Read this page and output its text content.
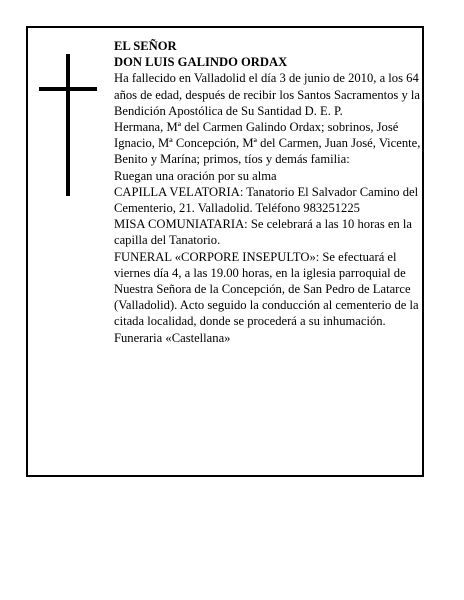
EL SEÑOR

DON LUIS GALINDO ORDAX

Ha fallecido en Valladolid el día 3 de junio de 2010, a los 64 años de edad, después de recibir los Santos Sacramentos y la Bendición Apostólica de Su Santidad D. E. P.

Hermana, Mª del Carmen Galindo Ordax; sobrinos, José Ignacio, Mª Concepción, Mª del Carmen, Juan José, Vicente, Benito y Marína; primos, tíos y demás familia:

Ruegan una oración por su alma

CAPILLA VELATORIA: Tanatorio El Salvador Camino del Cementerio, 21. Valladolid. Teléfono 983251225

MISA COMUNIATARIA: Se celebrará a las 10 horas en la capilla del Tanatorio.

FUNERAL «CORPORE INSEPULTO»: Se efectuará el viernes día 4, a las 19.00 horas, en la iglesia parroquial de Nuestra Señora de la Concepción, de San Pedro de Latarce (Valladolid). Acto seguido la conducción al cementerio de la citada localidad, donde se procederá a su inhumación.

Funeraria «Castellana»
